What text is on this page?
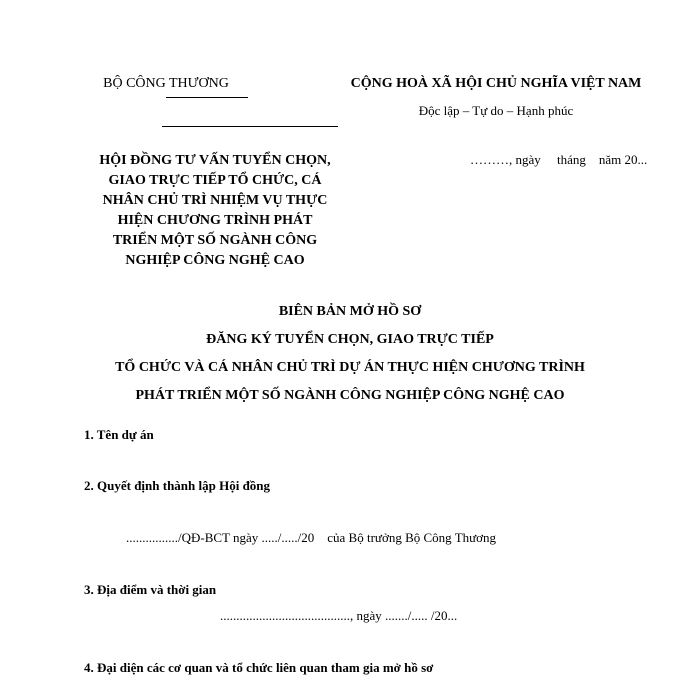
BỘ CÔNG THƯƠNG	CỘNG HOÀ XÃ HỘI CHỦ NGHĨA VIỆT NAM
Độc lập – Tự do – Hạnh phúc
HỘI ĐỒNG TƯ VẤN TUYỂN CHỌN,
GIAO TRỰC TIẾP TỔ CHỨC, CÁ
NHÂN CHỦ TRÌ NHIỆM VỤ THỰC
HIỆN CHƯƠNG TRÌNH PHÁT
TRIỂN MỘT SỐ NGÀNH CÔNG
NGHIỆP CÔNG NGHỆ CAO
………, ngày     tháng    năm 20...
BIÊN BẢN MỞ HỒ SƠ
ĐĂNG KÝ TUYỂN CHỌN, GIAO TRỰC TIẾP
TỔ CHỨC VÀ CÁ NHÂN CHỦ TRÌ DỰ ÁN THỰC HIỆN CHƯƠNG TRÌNH
PHÁT TRIỂN MỘT SỐ NGÀNH CÔNG NGHIỆP CÔNG NGHỆ CAO
1. Tên dự án
2. Quyết định thành lập Hội đồng
................/QĐ-BCT ngày ...../...../20    của Bộ trưởng Bộ Công Thương
3. Địa điểm và thời gian
........................................, ngày ......./..... /20...
4. Đại diện các cơ quan và tổ chức liên quan tham gia mở hồ sơ
